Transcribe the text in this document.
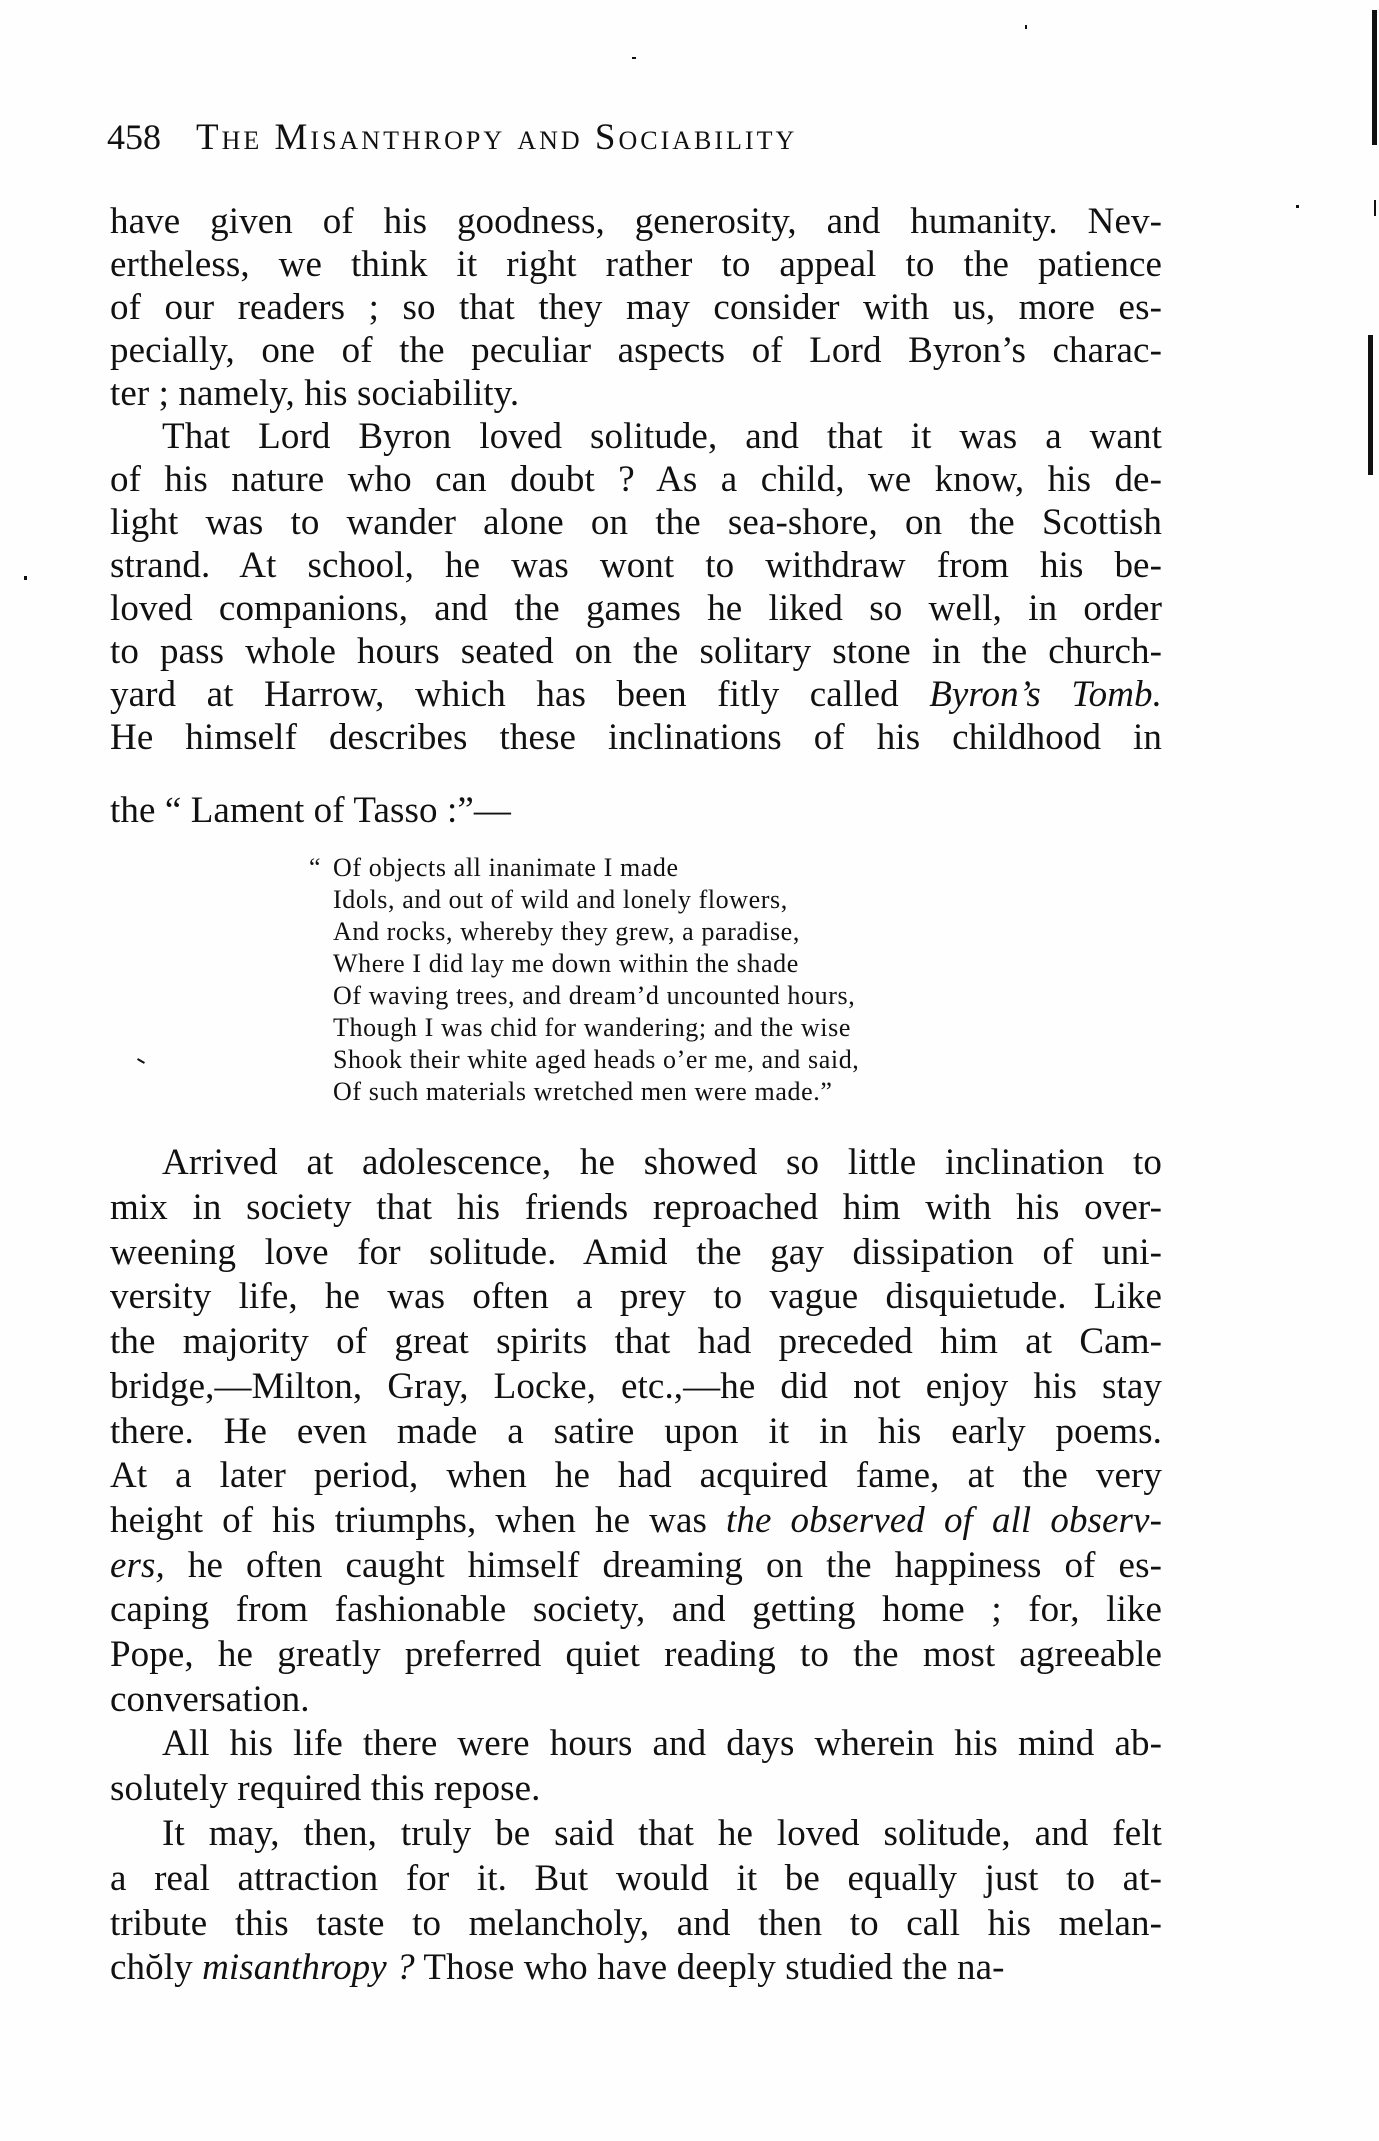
458 The Misanthropy and Sociability
have given of his goodness, generosity, and humanity. Nev-
ertheless, we think it right rather to appeal to the patience
of our readers ; so that they may consider with us, more es-
pecially, one of the peculiar aspects of Lord Byron’s charac-
ter ; namely, his sociability.
That Lord Byron loved solitude, and that it was a want
of his nature who can doubt ? As a child, we know, his de-
light was to wander alone on the sea-shore, on the Scottish
strand. At school, he was wont to withdraw from his be-
loved companions, and the games he liked so well, in order
to pass whole hours seated on the solitary stone in the church-
yard at Harrow, which has been fitly called Byron’s Tomb.
He himself describes these inclinations of his childhood in
the “ Lament of Tasso :”—
“ Of objects all inanimate I made
Idols, and out of wild and lonely flowers,
And rocks, whereby they grew, a paradise,
Where I did lay me down within the shade
Of waving trees, and dream’d uncounted hours,
Though I was chid for wandering; and the wise
Shook their white aged heads o’er me, and said,
Of such materials wretched men were made.”
Arrived at adolescence, he showed so little inclination to
mix in society that his friends reproached him with his over-
weening love for solitude. Amid the gay dissipation of uni-
versity life, he was often a prey to vague disquietude. Like
the majority of great spirits that had preceded him at Cam-
bridge,—Milton, Gray, Locke, etc.,—he did not enjoy his stay
there. He even made a satire upon it in his early poems.
At a later period, when he had acquired fame, at the very
height of his triumphs, when he was the observed of all observ-
ers, he often caught himself dreaming on the happiness of es-
caping from fashionable society, and getting home ; for, like
Pope, he greatly preferred quiet reading to the most agreeable
conversation.
All his life there were hours and days wherein his mind ab-
solutely required this repose.
It may, then, truly be said that he loved solitude, and felt
a real attraction for it. But would it be equally just to at-
tribute this taste to melancholy, and then to call his melan-
chŏly misanthropy ? Those who have deeply studied the na-
